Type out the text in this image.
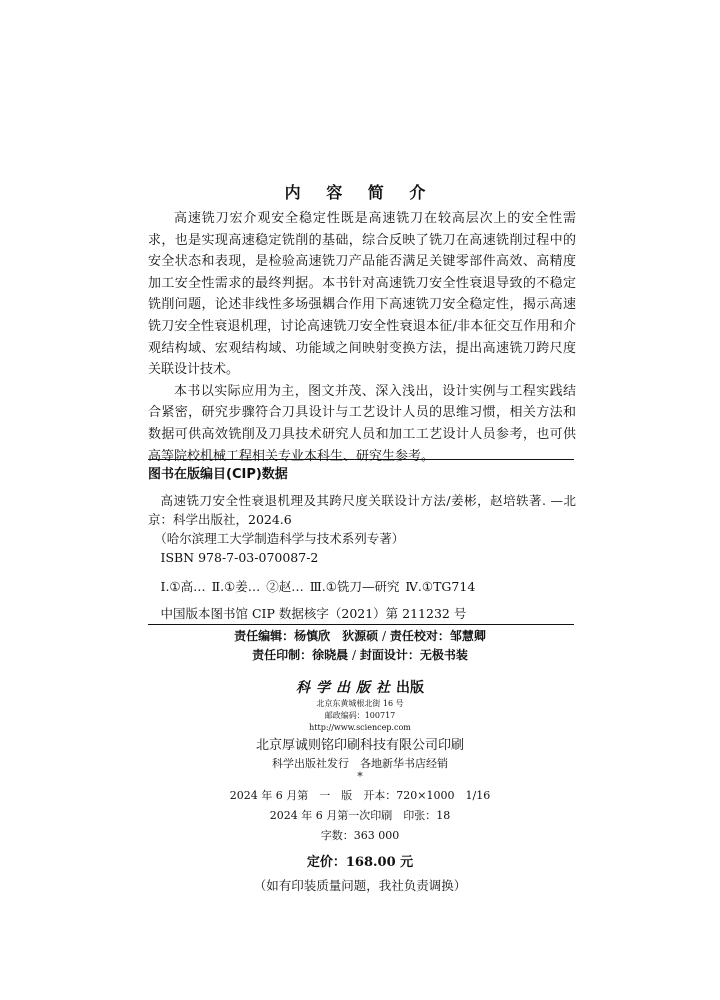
内 容 简 介

高速铣刀宏介观安全稳定性既是高速铣刀在较高层次上的安全性需求，也是实现高速稳定铣削的基础，综合反映了铣刀在高速铣削过程中的安全状态和表现，是检验高速铣刀产品能否满足关键零部件高效、高精度加工安全性需求的最终判据。本书针对高速铣刀安全性衰退导致的不稳定铣削问题，论述非线性多场强耦合作用下高速铣刀安全稳定性，揭示高速铣刀安全性衰退机理，讨论高速铣刀安全性衰退本征/非本征交互作用和介观结构域、宏观结构域、功能域之间映射变换方法，提出高速铣刀跨尺度关联设计技术。

本书以实际应用为主，图文并茂、深入浅出，设计实例与工程实践结合紧密，研究步骤符合刀具设计与工艺设计人员的思维习惯，相关方法和数据可供高效铣削及刀具技术研究人员和加工工艺设计人员参考，也可供高等院校机械工程相关专业本科生、研究生参考。

图书在版编目(CIP)数据
高速铣刀安全性衰退机理及其跨尺度关联设计方法/姜彬，赵培轶著. —北京：科学出版社，2024.6
（哈尔滨理工大学制造科学与技术系列专著）
ISBN 978-7-03-070087-2
Ⅰ.①高… Ⅱ.①姜… ②赵… Ⅲ.①铣刀—研究 Ⅳ.①TG714
中国版本图书馆 CIP 数据核字（2021）第 211232 号
责任编辑：杨慎欣　狄源硕 / 责任校对：邹慧卿
责任印制：徐晓晨 / 封面设计：无极书装
科学出版社出版
北京东黄城根北街 16 号
邮政编码：100717
http://www.sciencep.com
北京厚诚则铭印刷科技有限公司印刷
科学出版社发行　各地新华书店经销
*
2024 年 6 月第　一　版　开本：720×1000　1/16
2024 年 6 月第一次印刷　印张：18
字数：363 000
定价：168.00 元
（如有印装质量问题，我社负责调换）
